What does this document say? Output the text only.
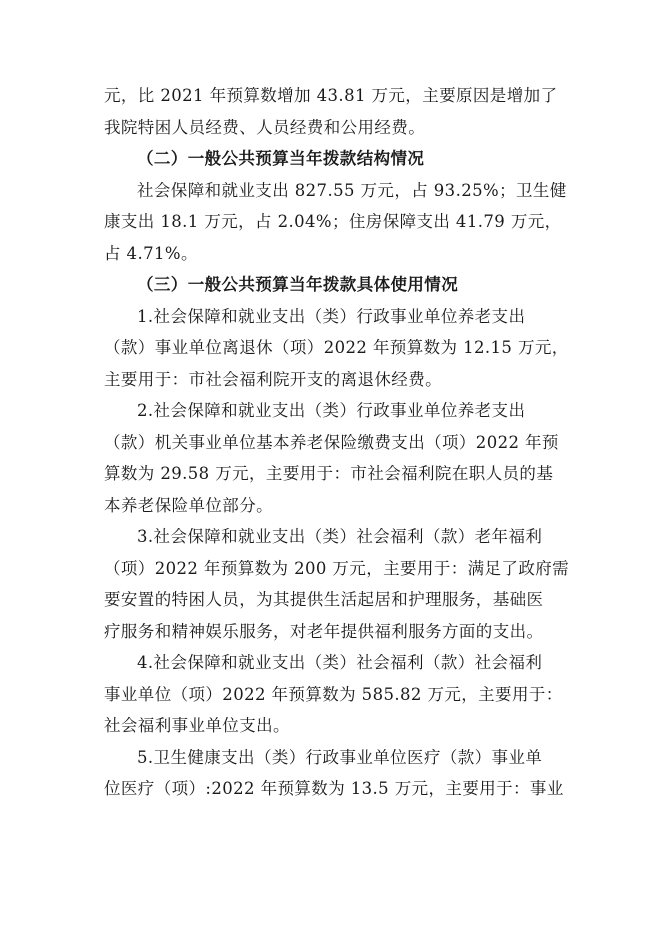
元，比 2021 年预算数增加 43.81 万元，主要原因是增加了
我院特困人员经费、人员经费和公用经费。

（二）一般公共预算当年拨款结构情况

社会保障和就业支出 827.55 万元，占 93.25%；卫生健
康支出 18.1 万元，占 2.04%；住房保障支出 41.79 万元，
占 4.71%。

（三）一般公共预算当年拨款具体使用情况

1.社会保障和就业支出（类）行政事业单位养老支出
（款）事业单位离退休（项）2022 年预算数为 12.15 万元，
主要用于：市社会福利院开支的离退休经费。

2.社会保障和就业支出（类）行政事业单位养老支出
（款）机关事业单位基本养老保险缴费支出（项）2022 年预
算数为 29.58 万元，主要用于：市社会福利院在职人员的基
本养老保险单位部分。

3.社会保障和就业支出（类）社会福利（款）老年福利
（项）2022 年预算数为 200 万元，主要用于：满足了政府需
要安置的特困人员，为其提供生活起居和护理服务，基础医
疗服务和精神娱乐服务，对老年提供福利服务方面的支出。

4.社会保障和就业支出（类）社会福利（款）社会福利
事业单位（项）2022 年预算数为 585.82 万元，主要用于：
社会福利事业单位支出。

5.卫生健康支出（类）行政事业单位医疗（款）事业单
位医疗（项）:2022 年预算数为 13.5 万元，主要用于：事业
